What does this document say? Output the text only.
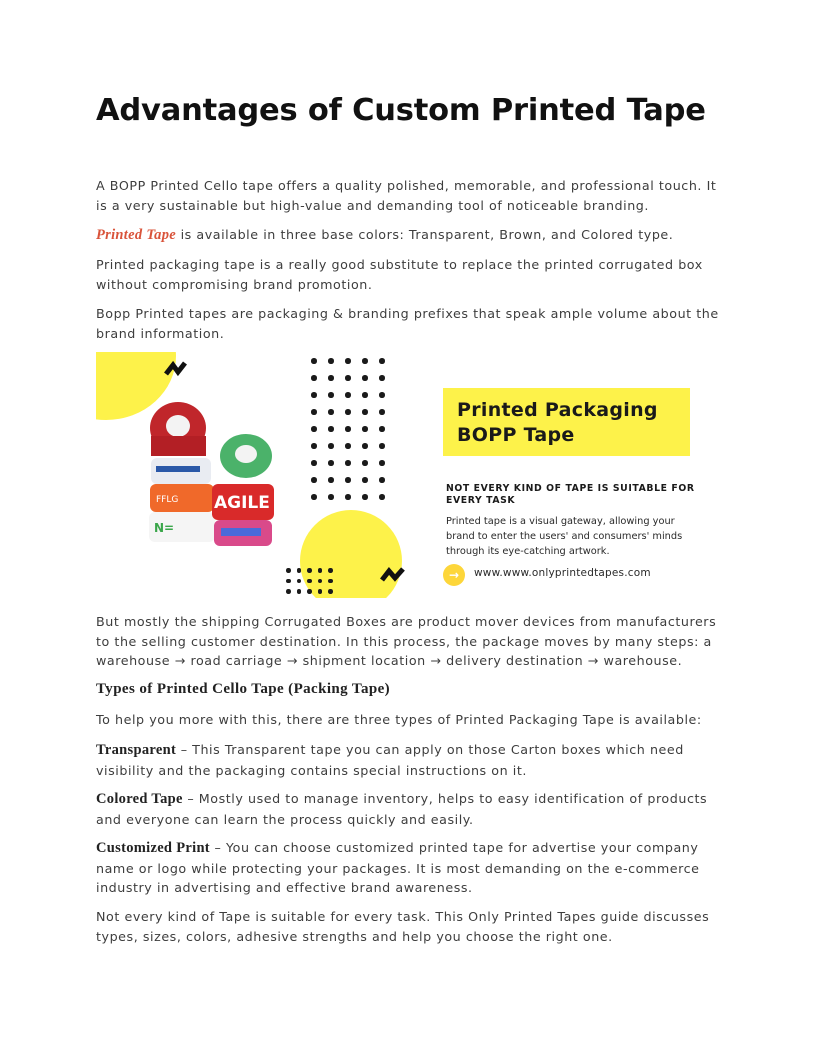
Advantages of Custom Printed Tape

A BOPP Printed Cello tape offers a quality polished, memorable, and professional touch. It is a very sustainable but high-value and demanding tool of noticeable branding.

Printed Tape is available in three base colors: Transparent, Brown, and Colored type.

Printed packaging tape is a really good substitute to replace the printed corrugated box without compromising brand promotion.

Bopp Printed tapes are packaging & branding prefixes that speak ample volume about the brand information.

But mostly the shipping Corrugated Boxes are product mover devices from manufacturers to the selling customer destination. In this process, the package moves by many steps: a warehouse → road carriage → shipment location → delivery destination → warehouse.

Types of Printed Cello Tape (Packing Tape)

To help you more with this, there are three types of Printed Packaging Tape is available:

Transparent – This Transparent tape you can apply on those Carton boxes which need visibility and the packaging contains special instructions on it.

Colored Tape – Mostly used to manage inventory, helps to easy identification of products and everyone can learn the process quickly and easily.

Customized Print – You can choose customized printed tape for advertise your company name or logo while protecting your packages. It is most demanding on the e-commerce industry in advertising and effective brand awareness.

Not every kind of Tape is suitable for every task. This Only Printed Tapes guide discusses types, sizes, colors, adhesive strengths and help you choose the right one.

FFLG
N=
AGILE

Printed Packaging
BOPP Tape

NOT EVERY KIND OF TAPE IS SUITABLE FOR EVERY TASK
Printed tape is a visual gateway, allowing your brand to enter the users' and consumers' minds through its eye-catching artwork.
→	www.www.onlyprintedtapes.com
